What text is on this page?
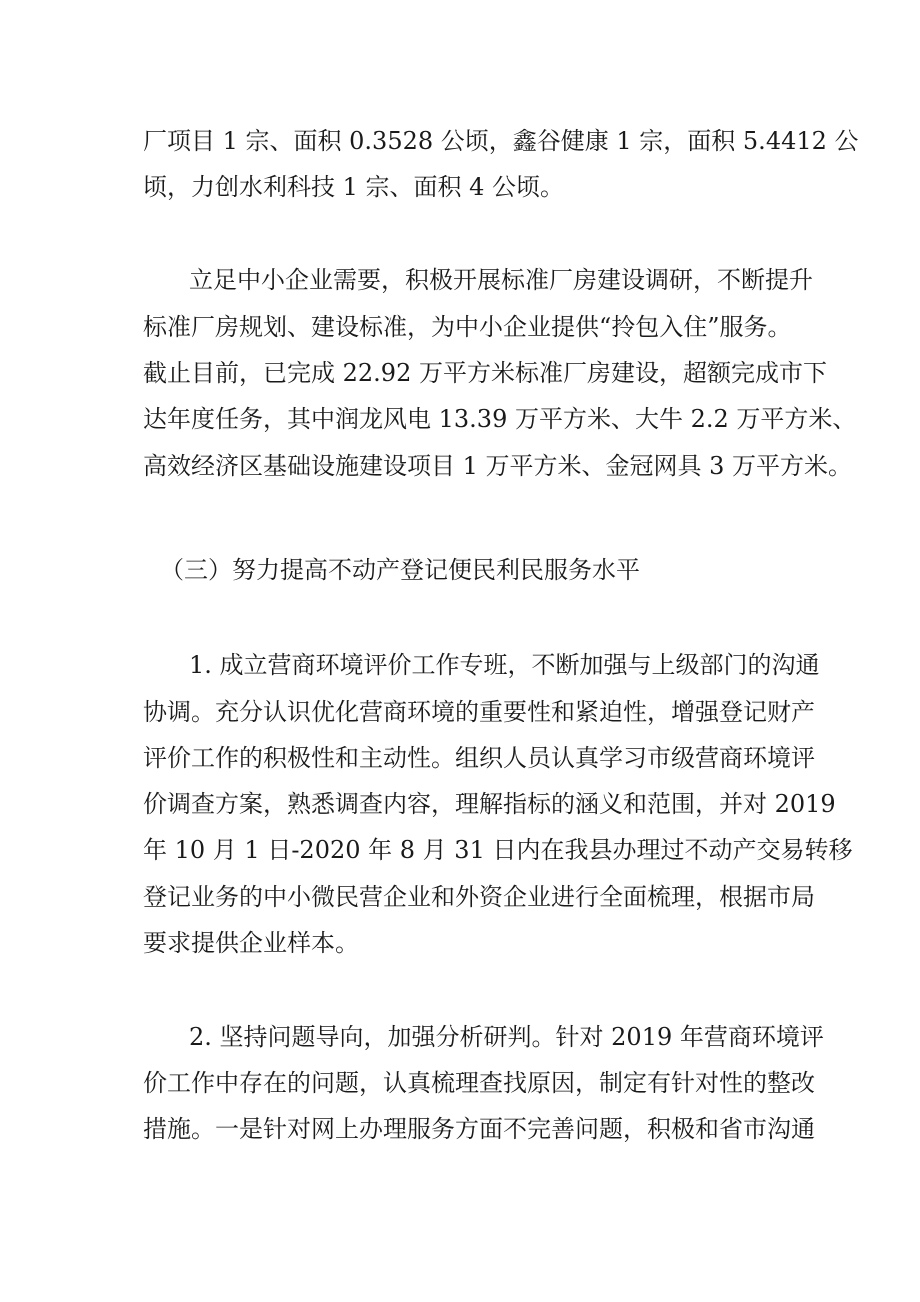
厂项目 1 宗、面积 0.3528 公顷，鑫谷健康 1 宗，面积 5.4412 公
顷，力创水利科技 1 宗、面积 4 公顷。
立足中小企业需要，积极开展标准厂房建设调研，不断提升
标准厂房规划、建设标准，为中小企业提供“拎包入住”服务。
截止目前，已完成 22.92 万平方米标准厂房建设，超额完成市下
达年度任务，其中润龙风电 13.39 万平方米、大牛 2.2 万平方米、
高效经济区基础设施建设项目 1 万平方米、金冠网具 3 万平方米。
（三）努力提高不动产登记便民利民服务水平
1. 成立营商环境评价工作专班，不断加强与上级部门的沟通
协调。充分认识优化营商环境的重要性和紧迫性，增强登记财产
评价工作的积极性和主动性。组织人员认真学习市级营商环境评
价调查方案，熟悉调查内容，理解指标的涵义和范围，并对 2019
年 10 月 1 日-2020 年 8 月 31 日内在我县办理过不动产交易转移
登记业务的中小微民营企业和外资企业进行全面梳理，根据市局
要求提供企业样本。
2. 坚持问题导向，加强分析研判。针对 2019 年营商环境评
价工作中存在的问题，认真梳理查找原因，制定有针对性的整改
措施。一是针对网上办理服务方面不完善问题，积极和省市沟通
